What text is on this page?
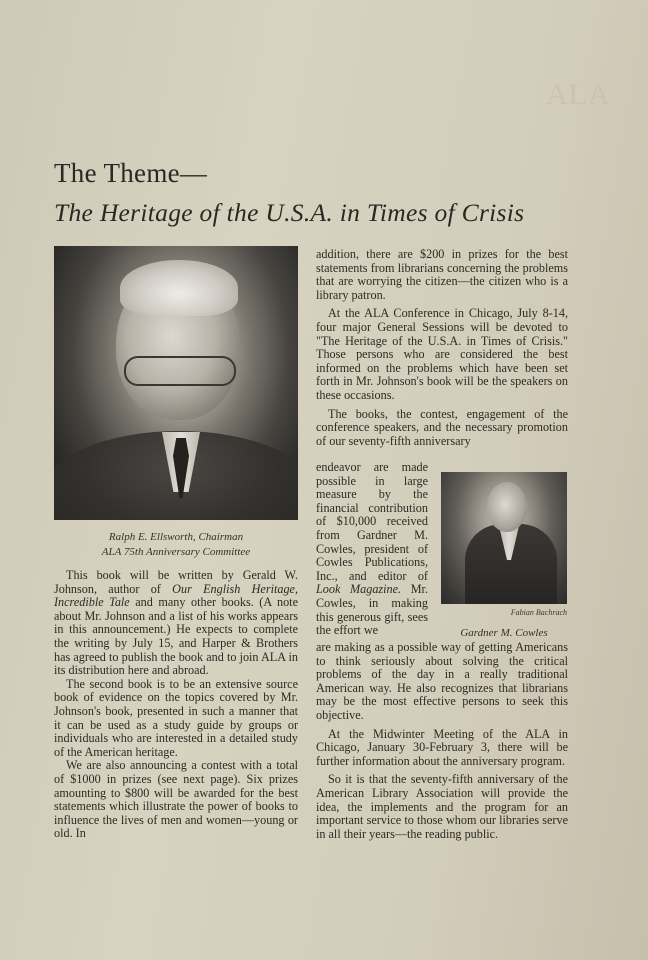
ALA
The Theme—
The Heritage of the U.S.A. in Times of Crisis
Ralph E. Ellsworth, Chairman
ALA 75th Anniversary Committee

This book will be written by Gerald W. Johnson, author of Our English Heritage, Incredible Tale and many other books. (A note about Mr. Johnson and a list of his works appears in this announcement.) He expects to complete the writing by July 15, and Harper & Brothers has agreed to publish the book and to join ALA in its distribution here and abroad.

The second book is to be an extensive source book of evidence on the topics covered by Mr. Johnson's book, presented in such a manner that it can be used as a study guide by groups or individuals who are interested in a detailed study of the American heritage.

We are also announcing a contest with a total of $1000 in prizes (see next page). Six prizes amounting to $800 will be awarded for the best statements which illustrate the power of books to influence the lives of men and women—young or old. In

addition, there are $200 in prizes for the best statements from librarians concerning the problems that are worrying the citizen—the citizen who is a library patron.

At the ALA Conference in Chicago, July 8-14, four major General Sessions will be devoted to "The Heritage of the U.S.A. in Times of Crisis." Those persons who are considered the best informed on the problems which have been set forth in Mr. Johnson's book will be the speakers on these occasions.

The books, the contest, engagement of the conference speakers, and the necessary promotion of our seventy-fifth anniversary

endeavor are made possible in large measure by the financial contribution of $10,000 received from Gardner M. Cowles, president of Cowles Publications, Inc., and editor of Look Magazine. Mr. Cowles, in making this generous gift, sees the effort we

Fabian Bachrach
Gardner M. Cowles

are making as a possible way of getting Americans to think seriously about solving the critical problems of the day in a really traditional American way. He also recognizes that librarians may be the most effective persons to seek this objective.

At the Midwinter Meeting of the ALA in Chicago, January 30-February 3, there will be further information about the anniversary program.

So it is that the seventy-fifth anniversary of the American Library Association will provide the idea, the implements and the program for an important service to those whom our libraries serve in all their years—the reading public.
